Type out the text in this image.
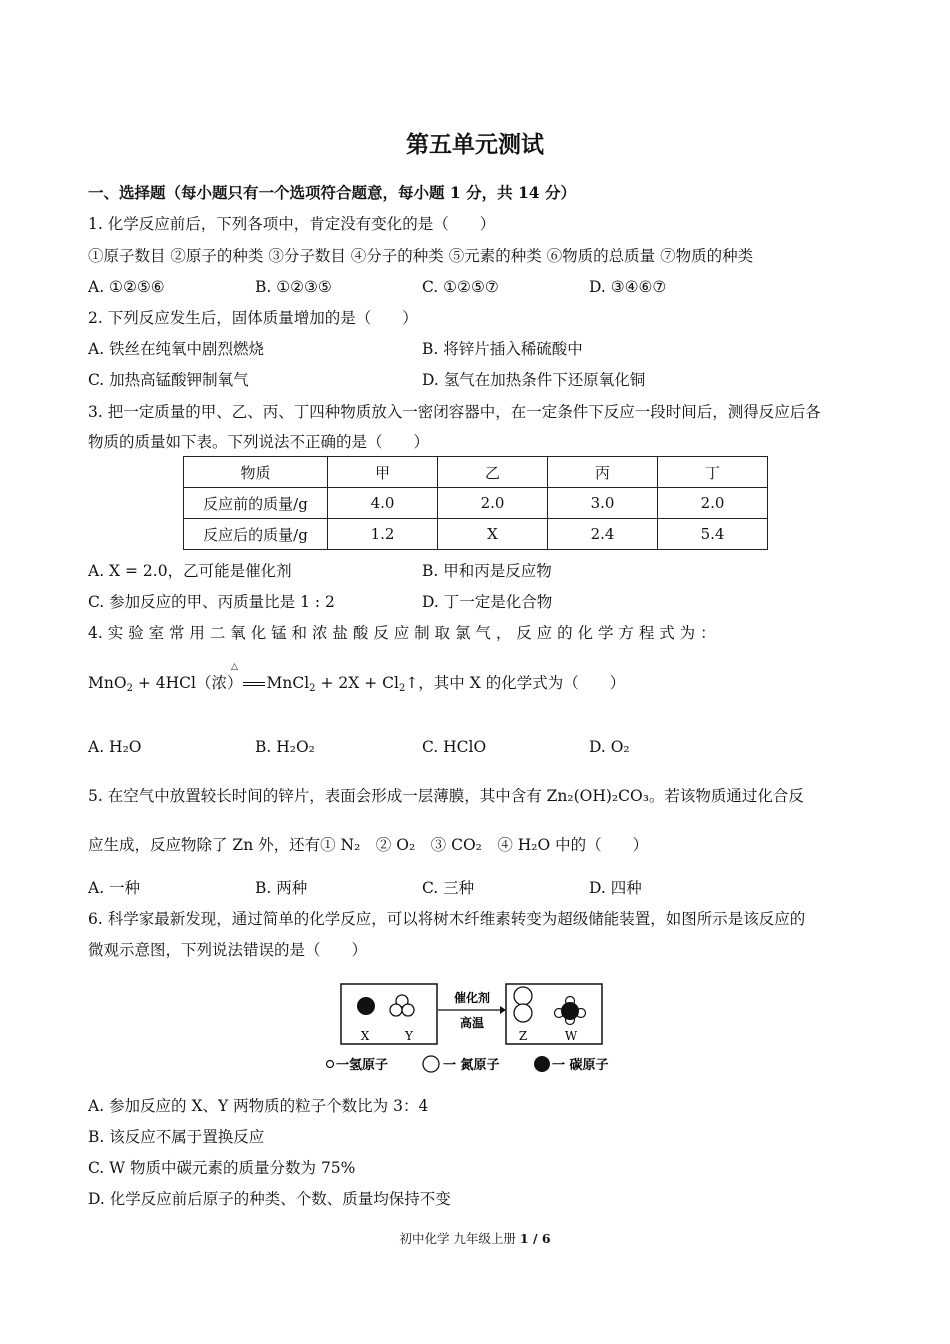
第五单元测试
一、选择题（每小题只有一个选项符合题意，每小题 1 分，共 14 分）
1. 化学反应前后，下列各项中，肯定没有变化的是（　　）
①原子数目 ②原子的种类 ③分子数目 ④分子的种类 ⑤元素的种类 ⑥物质的总质量 ⑦物质的种类
A. ①②⑤⑥	B. ①②③⑤	C. ①②⑤⑦	D. ③④⑥⑦
2. 下列反应发生后，固体质量增加的是（　　）
A. 铁丝在纯氧中剧烈燃烧	B. 将锌片插入稀硫酸中
C. 加热高锰酸钾制氧气	D. 氢气在加热条件下还原氧化铜
3. 把一定质量的甲、乙、丙、丁四种物质放入一密闭容器中，在一定条件下反应一段时间后，测得反应后各
物质的质量如下表。下列说法不正确的是（　　）
物质	甲	乙	丙	丁
反应前的质量/g	4.0	2.0	3.0	2.0
反应后的质量/g	1.2	X	2.4	5.4
A. X = 2.0，乙可能是催化剂	B. 甲和丙是反应物
C. 参加反应的甲、丙质量比是 1 : 2	D. 丁一定是化合物
4. 实 验 室 常 用 二 氧 化 锰 和 浓 盐 酸 反 应 制 取 氯 气 ， 反 应 的 化 学 方 程 式 为 ：
△
MnO$_2$ + 4HCl（浓） MnCl$_2$ + $2X + Cl_2↑$，其中 X 的化学式为（　　）
A. H₂O	B. H₂O₂	C. HClO	D. O₂
5. 在空气中放置较长时间的锌片，表面会形成一层薄膜，其中含有 Zn₂(OH)₂CO₃。若该物质通过化合反
应生成，反应物除了 Zn 外，还有① N₂　② O₂　③ CO₂　④ H₂O 中的（　　）
A. 一种	B. 两种	C. 三种	D. 四种
6. 科学家最新发现，通过简单的化学反应，可以将树木纤维素转变为超级储能装置，如图所示是该反应的
微观示意图，下列说法错误的是（　　）
X	Y
催化剂
高温
Z	W
一氢原子	一 氮原子	一 碳原子
A. 参加反应的 X、Y 两物质的粒子个数比为 3：4
B. 该反应不属于置换反应
C. W 物质中碳元素的质量分数为 75%
D. 化学反应前后原子的种类、个数、质量均保持不变
初中化学 九年级上册 1 / 6
